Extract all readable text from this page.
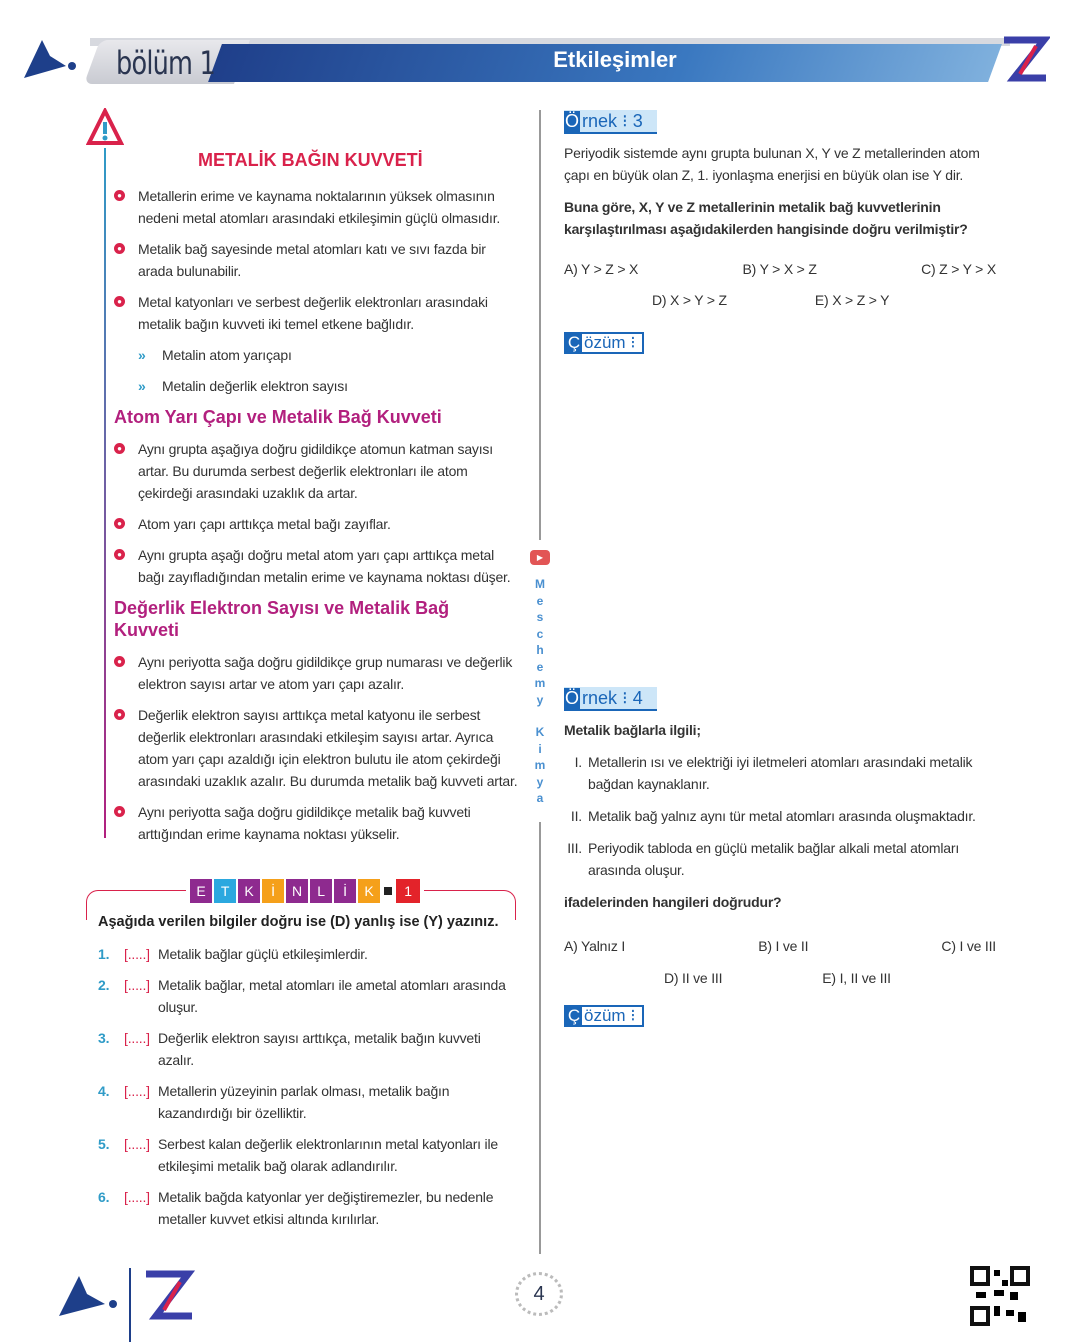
bölüm 1	Etkileşimler
METALİK BAĞIN KUVVETİ
● Metallerin erime ve kaynama noktalarının yüksek olmasının nedeni metal atomları arasındaki etkileşimin güçlü olmasıdır.
● Metalik bağ sayesinde metal atomları katı ve sıvı fazda bir arada bulunabilir.
● Metal katyonları ve serbest değerlik elektronları arasındaki metalik bağın kuvveti iki temel etkene bağlıdır.
» Metalin atom yarıçapı
» Metalin değerlik elektron sayısı
Atom Yarı Çapı ve Metalik Bağ Kuvveti
● Aynı grupta aşağıya doğru gidildikçe atomun katman sayısı artar. Bu durumda serbest değerlik elektronları ile atom çekirdeği arasındaki uzaklık da artar.
● Atom yarı çapı arttıkça metal bağı zayıflar.
● Aynı grupta aşağı doğru metal atom yarı çapı arttıkça metal bağı zayıfladığından metalin erime ve kaynama noktası düşer.
Değerlik Elektron Sayısı ve Metalik Bağ Kuvveti
● Aynı periyotta sağa doğru gidildikçe grup numarası ve değerlik elektron sayısı artar ve atom yarı çapı azalır.
● Değerlik elektron sayısı arttıkça metal katyonu ile serbest değerlik elektronları arasındaki etkileşim sayısı artar. Ayrıca atom yarı çapı azaldığı için elektron bulutu ile atom çekirdeği arasındaki uzaklık azalır. Bu durumda metalik bağ kuvveti artar.
● Aynı periyotta sağa doğru gidildikçe metalik bağ kuvveti arttığından erime kaynama noktası yükselir.
E	T	K	İ	N	L	İ	K	1
Aşağıda verilen bilgiler doğru ise (D) yanlış ise (Y) yazınız.
1.	[.....] Metalik bağlar güçlü etkileşimlerdir.
2.	[.....] Metalik bağlar, metal atomları ile ametal atomları arasında oluşur.
3.	[.....] Değerlik elektron sayısı arttıkça, metalik bağın kuvveti azalır.
4.	[.....] Metallerin yüzeyinin parlak olması, metalik bağın kazandırdığı bir özelliktir.
5.	[.....] Serbest kalan değerlik elektronlarının metal katyonları ile etkileşimi metalik bağ olarak adlandırılır.
6.	[.....] Metalik bağda katyonlar yer değiştiremezler, bu nedenle metaller kuvvet etkisi altında kırılırlar.
▶
M
e
s
c
h
e
m
y
K
i
m
y
a
Ö rnek ⁝ 3
Periyodik sistemde aynı grupta bulunan X, Y ve Z metallerinden atom çapı en büyük olan Z, 1. iyonlaşma enerjisi en büyük olan ise Y dir.
Buna göre, X, Y ve Z metallerinin metalik bağ kuvvetlerinin karşılaştırılması aşağıdakilerden hangisinde doğru verilmiştir?
A) Y > Z > X	B) Y > X > Z	C) Z > Y > X
D) X > Y > Z	E) X > Z > Y
Ç özüm ⁝
Ö rnek ⁝ 4
Metalik bağlarla ilgili;
I. Metallerin ısı ve elektriği iyi iletmeleri atomları arasındaki metalik bağdan kaynaklanır.
II. Metalik bağ yalnız aynı tür metal atomları arasında oluşmaktadır.
III. Periyodik tabloda en güçlü metalik bağlar alkali metal atomları arasında oluşur.
ifadelerinden hangileri doğrudur?
A) Yalnız I	B) I ve II	C) I ve III
D) II ve III	E) I, II ve III
Ç özüm ⁝
4
